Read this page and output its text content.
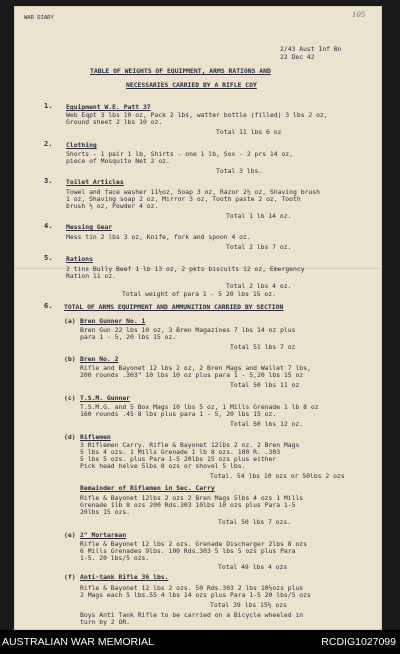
WAR DIARY	105
2/43 Aust Inf Bn
22 Dec 42
TABLE OF WEIGHTS OF EQUIPMENT, ARMS RATIONS AND
NECESSARIES CARRIED BY A RIFLE COY
1. Equipment W.E. Patt 37
Web Eqpt 3 lbs 10 oz, Pack 2 lbs, watter bottle (filled) 3 lbs 2 oz,
Ground sheet 2 lbs 10 oz.
Total 11 lbs 6 oz
2. Clothing
Shorts - 1 pair 1 lb, Shirts - one 1 lb, Sox - 2 prs 14 oz,
piece of Mosquito Net 2 oz.
Total 3 lbs.
3. Toilet Articles
Towel and face washer 11½oz, Soap 3 oz, Razor 2½ oz, Shaving brush
1 oz, Shaving soap 2 oz, Mirror 3 oz, Tooth paste 2 oz, Tooth
brush ½ oz, Powder 4 oz.
Total 1 lb 14 oz.
4. Messing Gear
Mess tin 2 lbs 3 oz, Knife, fork and spoon 4 oz.
Total 2 lbs 7 oz.
5. Rations
2 tins Bully Beef 1 lb 13 oz, 2 pkts biscuits 12 oz, Emergency
Ration 11 oz.
Total 2 lbs 4 oz.
Total weight of para 1 - 5 20 lbs 15 oz.
6. TOTAL OF ARMS EQUIPMENT AND AMMUNITION CARRIED BY SECTION
(a) Bren Gunner No. 1
Bren Gun 22 lbs 10 oz, 3 Bren Magazines 7 lbs 14 oz plus
para 1 - 5, 20 lbs 15 oz.
Total 51 lbs 7 oz
(b) Bren No. 2
Rifle and Bayonet 12 lbs 2 oz, 2 Bren Mags and Wallet 7 lbs,
200 rounds .303" 10 lbs 10 oz plus para 1 - 5,20 lbs 15 oz
Total 50 lbs 11 oz
(c) T.S.M. Gunner
T.S.M.G. and 5 Box Mags 10 lbs 5 oz, 1 Mills Grenade 1 lb 8 oz
160 rounds .45 8 lbs plus para 1 - 5, 20 lbs 15 oz.
Total 50 lbs 12 oz.
(d) Riflemen
3 Riflemen Carry. Rifle & Bayonet 12lbs 2 oz. 2 Bren Mags
5 lbs 4 ozs. 1 Mills Grenade 1 lb 8 ozs. 100 R. .303
5 lbs 5 ozs. plus Para 1-5 20lbs 15 ozs plus either
Pick head helve 5lbs 8 ozs or shovel 5 lbs.
Total. 54 lbs 10 ozs or 50lbs 2 ozs
Remainder of Riflemen in Sec. Carry
Rifle & Bayonet 12lbs 2 ozs 2 Bren Mags 5lbs 4 ozs 1 Mills
Grenade 1lb 8 ozs 200 Rds.303 10lbs 10 ozs plus Para 1-5
20lbs 15 ozs.
Total 50 lbs 7 ozs.
(e) 2" Mortarman
Rifle & Bayonet 12 lbs 2 ozs. Grenade Discharger 2lbs 8 ozs
6 Mills Grenades 9lbs. 100 Rds.303 5 lbs 5 ozs plus Para
1-5. 20 lbs/5 ozs.
Total 49 lbs 4 ozs
(f) Anti-tank Rifle 36 lbs.
Rifle & Bayonet 12 lbs 2 ozs. 50 Rds.303 2 lbs 10½ozs plus
2 Mags each 5 lbs.55 4 lbs 14 ozs plus Para 1-5 20 lbs/5 ozs
Total 39 lbs 15½ ozs
Boys Anti Tank Rifle to be carried on a Bicycle wheeled in
turn by 2 OR.
AUSTRALIAN WAR MEMORIAL	RCDIG1027099
